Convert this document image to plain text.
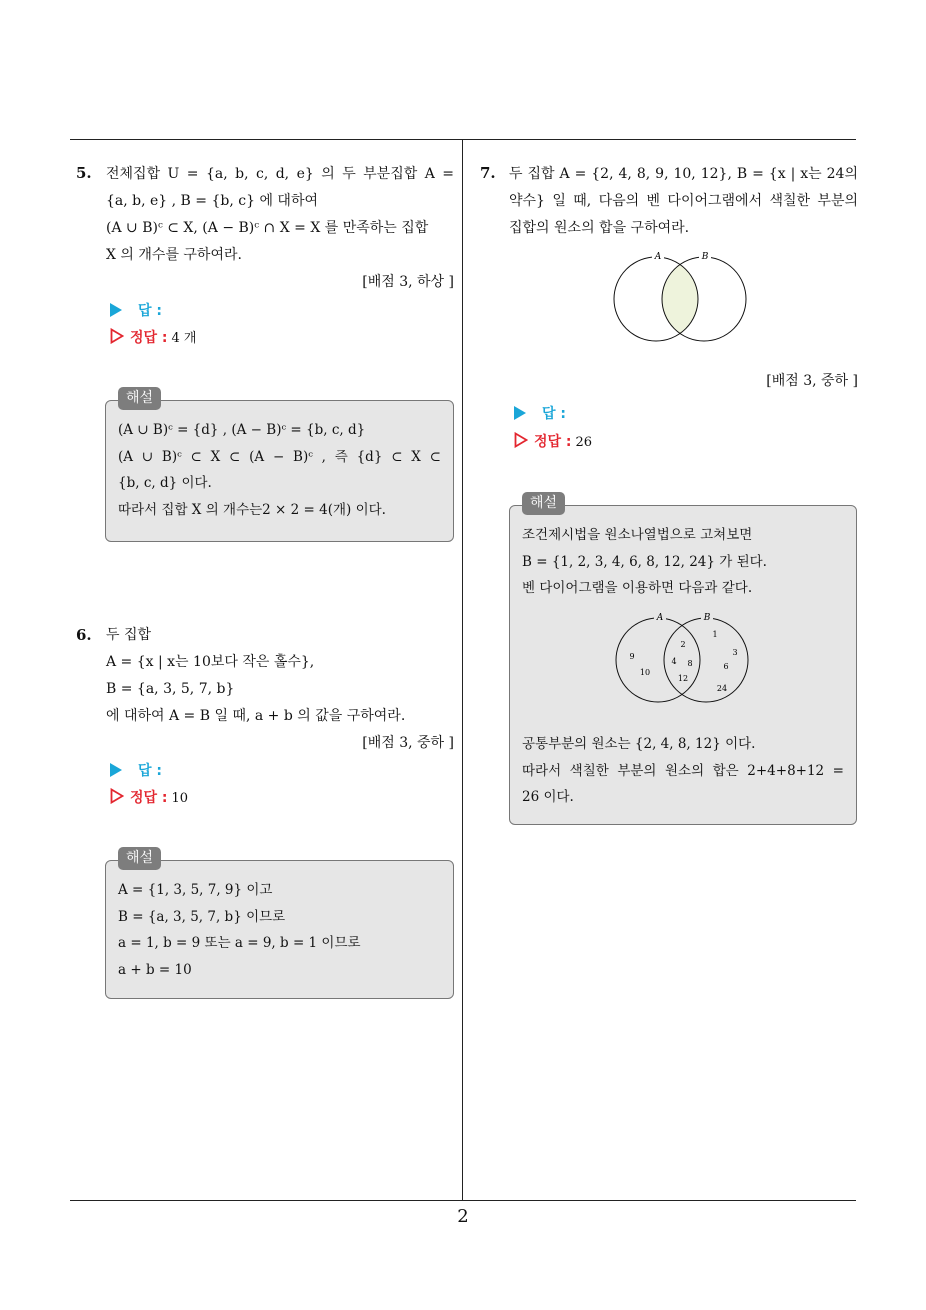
5. 전체집합 U = {a, b, c, d, e} 의 두 부분집합 A =
{a, b, e} , B = {b, c} 에 대하여
(A ∪ B)ᶜ ⊂ X, (A − B)ᶜ ∩ X = X 를 만족하는 집합
X 의 개수를 구하여라.
[배점 3, 하상 ]
답 :
정답 : 4 개
해설
(A ∪ B)ᶜ = {d} , (A − B)ᶜ = {b, c, d}
(A ∪ B)ᶜ ⊂ X ⊂ (A − B)ᶜ , 즉 {d} ⊂ X ⊂
{b, c, d} 이다.
따라서 집합 X 의 개수는2 × 2 = 4(개) 이다.
6. 두 집합
A = {x | x는 10보다 작은 홀수},
B = {a, 3, 5, 7, b}
에 대하여 A = B 일 때, a + b 의 값을 구하여라.
[배점 3, 중하 ]
답 :
정답 : 10
해설
A = {1, 3, 5, 7, 9} 이고
B = {a, 3, 5, 7, b} 이므로
a = 1, b = 9 또는 a = 9, b = 1 이므로
a + b = 10
7. 두 집합 A = {2, 4, 8, 9, 10, 12}, B = {x | x는 24의
약수} 일 때, 다음의 벤 다이어그램에서 색칠한 부분의
집합의 원소의 합을 구하여라.
A	B
[배점 3, 중하 ]
답 :
정답 : 26
해설
조건제시법을 원소나열법으로 고쳐보면
B = {1, 2, 3, 4, 6, 8, 12, 24} 가 된다.
벤 다이어그램을 이용하면 다음과 같다.
A	B
9
10
2
4 8
12
1
3
6
24
공통부분의 원소는 {2, 4, 8, 12} 이다.
따라서 색칠한 부분의 원소의 합은 2+4+8+12 =
26 이다.
2
